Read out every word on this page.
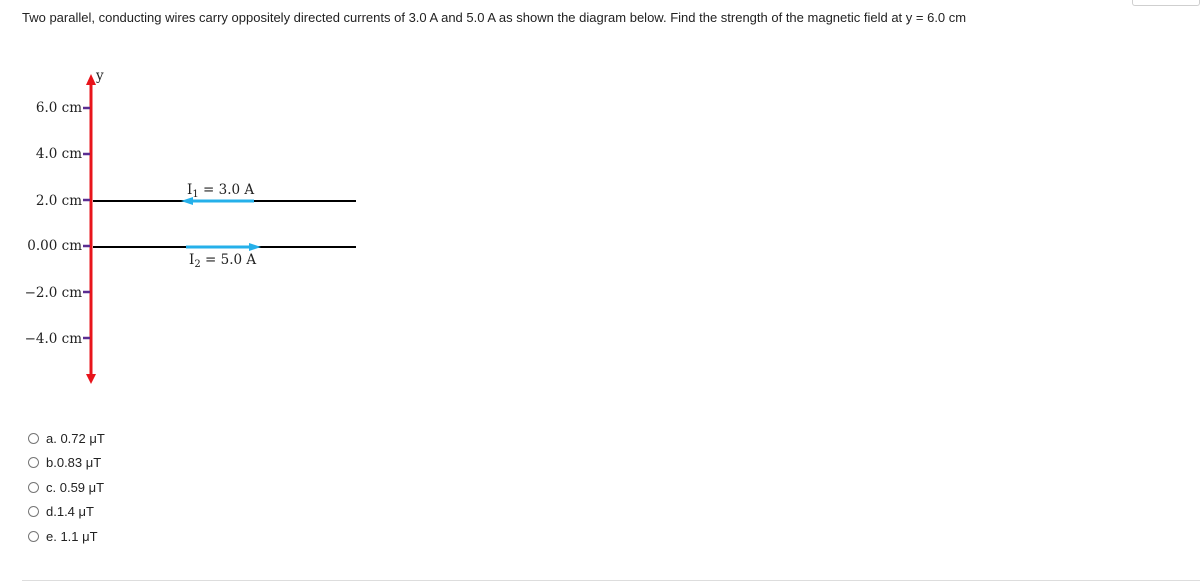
Two parallel, conducting wires carry oppositely directed currents of 3.0 A and 5.0 A as shown the diagram below. Find the strength of the magnetic field at y = 6.0 cm
y
6.0 cm
4.0 cm
2.0 cm
0.00 cm
−2.0 cm
−4.0 cm
$I_1 = 3.0$ A
$I_2 = 5.0$ A
a. 0.72 μT
b.0.83 μT
c. 0.59 μT
d.1.4 μT
e. 1.1 μT
